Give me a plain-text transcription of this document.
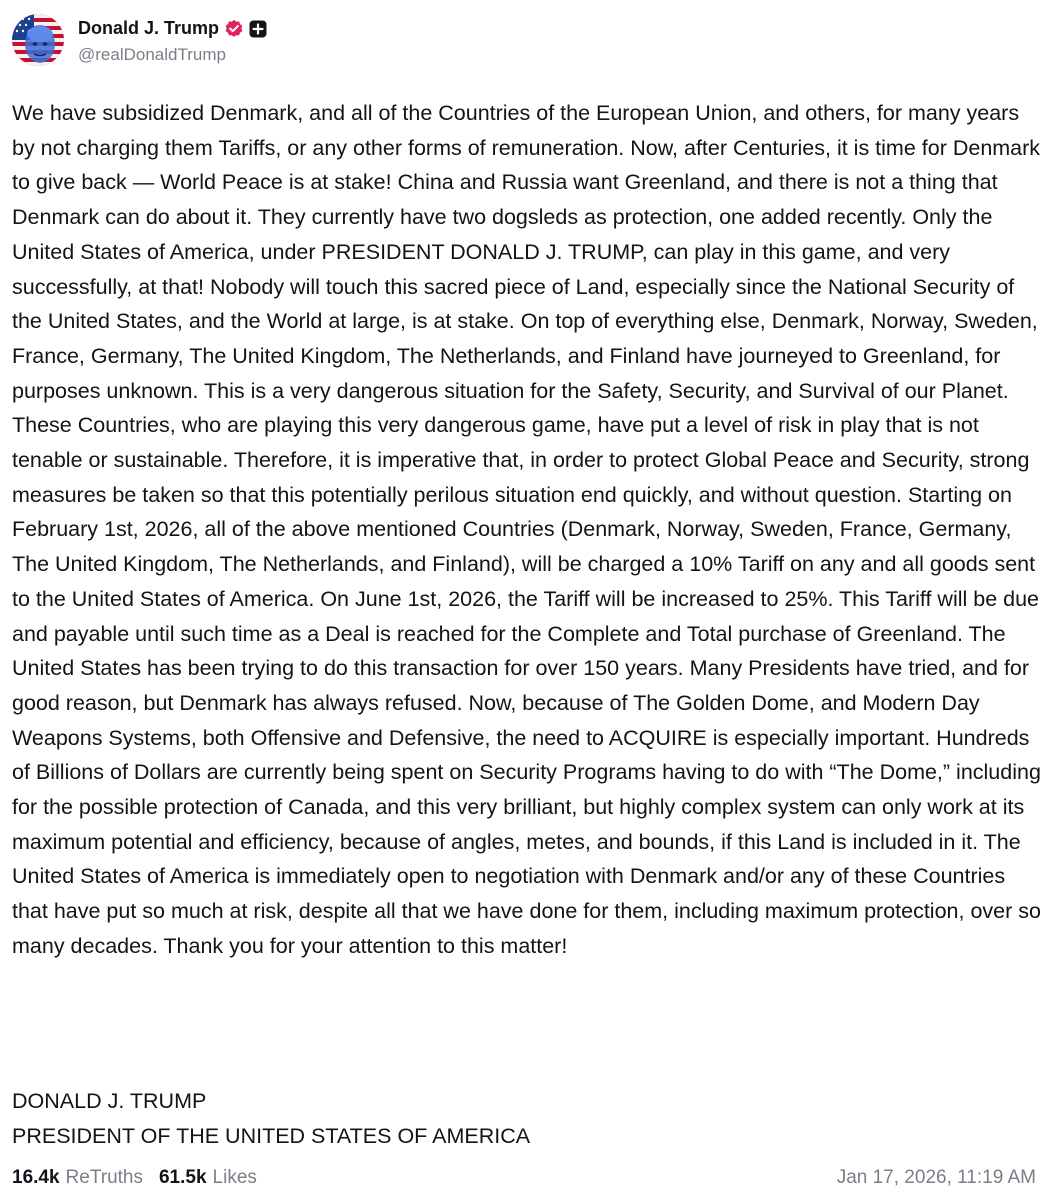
Donald J. Trump
@realDonaldTrump

We have subsidized Denmark, and all of the Countries of the European Union, and others, for many years by not charging them Tariffs, or any other forms of remuneration. Now, after Centuries, it is time for Denmark to give back — World Peace is at stake! China and Russia want Greenland, and there is not a thing that Denmark can do about it. They currently have two dogsleds as protection, one added recently. Only the United States of America, under PRESIDENT DONALD J. TRUMP, can play in this game, and very successfully, at that! Nobody will touch this sacred piece of Land, especially since the National Security of the United States, and the World at large, is at stake. On top of everything else, Denmark, Norway, Sweden, France, Germany, The United Kingdom, The Netherlands, and Finland have journeyed to Greenland, for purposes unknown. This is a very dangerous situation for the Safety, Security, and Survival of our Planet. These Countries, who are playing this very dangerous game, have put a level of risk in play that is not tenable or sustainable. Therefore, it is imperative that, in order to protect Global Peace and Security, strong measures be taken so that this potentially perilous situation end quickly, and without question. Starting on February 1st, 2026, all of the above mentioned Countries (Denmark, Norway, Sweden, France, Germany, The United Kingdom, The Netherlands, and Finland), will be charged a 10% Tariff on any and all goods sent to the United States of America. On June 1st, 2026, the Tariff will be increased to 25%. This Tariff will be due and payable until such time as a Deal is reached for the Complete and Total purchase of Greenland. The United States has been trying to do this transaction for over 150 years. Many Presidents have tried, and for good reason, but Denmark has always refused. Now, because of The Golden Dome, and Modern Day Weapons Systems, both Offensive and Defensive, the need to ACQUIRE is especially important. Hundreds of Billions of Dollars are currently being spent on Security Programs having to do with “The Dome,” including for the possible protection of Canada, and this very brilliant, but highly complex system can only work at its maximum potential and efficiency, because of angles, metes, and bounds, if this Land is included in it. The United States of America is immediately open to negotiation with Denmark and/or any of these Countries that have put so much at risk, despite all that we have done for them, including maximum protection, over so many decades. Thank you for your attention to this matter!

DONALD J. TRUMP
PRESIDENT OF THE UNITED STATES OF AMERICA
16.4k ReTruths 61.5k Likes	Jan 17, 2026, 11:19 AM
